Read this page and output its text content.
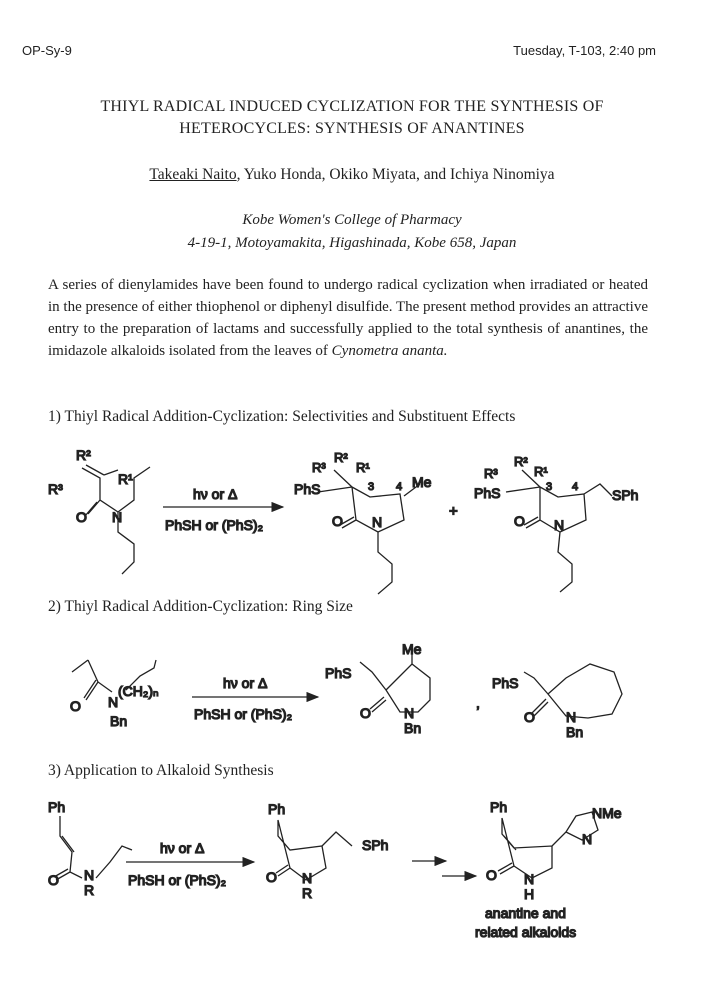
OP-Sy-9	Tuesday, T-103, 2:40 pm
THIYL RADICAL INDUCED CYCLIZATION FOR THE SYNTHESIS OF
HETEROCYCLES: SYNTHESIS OF ANANTINES
Takeaki Naito, Yuko Honda, Okiko Miyata, and Ichiya Ninomiya
Kobe Women's College of Pharmacy
4-19-1, Motoyamakita, Higashinada, Kobe 658, Japan
A series of dienylamides have been found to undergo radical cyclization when irradiated or heated in the presence of either thiophenol or diphenyl disulfide. The present method provides an attractive entry to the preparation of lactams and successfully applied to the total synthesis of anantines, the imidazole alkaloids isolated from the leaves of Cynometra ananta.
1) Thiyl Radical Addition-Cyclization: Selectivities and Substituent Effects
2) Thiyl Radical Addition-Cyclization: Ring Size
3) Application to Alkaloid Synthesis
R²
R³
R¹
O N
hν or Δ
PhSH or (PhS)₂
R³
R²
R¹
PhS	3 4 Me
O N
+
R³
R²
R¹
PhS	3 4 SPh
O N
O N
(CH₂)ₙ
Bn
hν or Δ
PhSH or (PhS)₂
Me
PhS
O N
Bn
,
PhS
O N
Bn
Ph
O N
R
hν or Δ
PhSH or (PhS)₂
Ph
SPh
O N
R
Ph	NMe
N
O N
H
anantine and
related alkaloids
